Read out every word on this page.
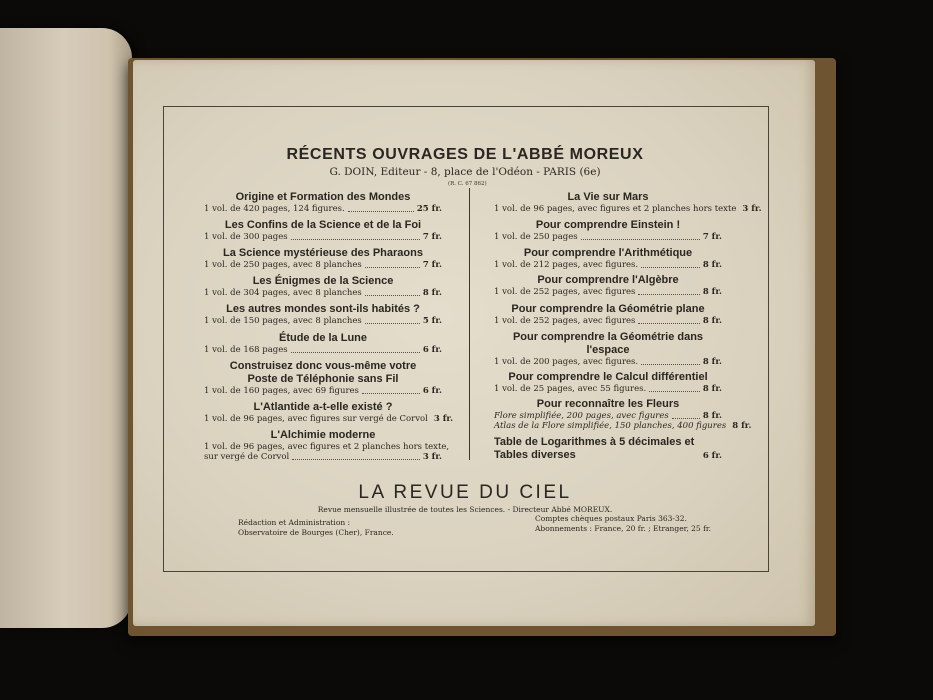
RÉCENTS OUVRAGES DE L'ABBÉ MOREUX
G. DOIN, Editeur - 8, place de l'Odéon - PARIS (6e)
(R. C. 67 862)
Origine et Formation des Mondes
1 vol. de 420 pages, 124 figures.	25 fr.
Les Confins de la Science et de la Foi
1 vol. de 300 pages	7 fr.
La Science mystérieuse des Pharaons
1 vol. de 250 pages, avec 8 planches	7 fr.
Les Énigmes de la Science
1 vol. de 304 pages, avec 8 planches	8 fr.
Les autres mondes sont-ils habités ?
1 vol. de 150 pages, avec 8 planches	5 fr.
Étude de la Lune
1 vol. de 168 pages	6 fr.
Construisez donc vous-même votre Poste de Téléphonie sans Fil
1 vol. de 160 pages, avec 69 figures	6 fr.
L'Atlantide a-t-elle existé ?
1 vol. de 96 pages, avec figures sur vergé de Corvol 3 fr.
L'Alchimie moderne
1 vol. de 96 pages, avec figures et 2 planches hors texte,
sur vergé de Corvol	3 fr.
La Vie sur Mars
1 vol. de 96 pages, avec figures et 2 planches hors texte 3 fr.
Pour comprendre Einstein !
1 vol. de 250 pages	7 fr.
Pour comprendre l'Arithmétique
1 vol. de 212 pages, avec figures.	8 fr.
Pour comprendre l'Algèbre
1 vol. de 252 pages, avec figures	8 fr.
Pour comprendre la Géométrie plane
1 vol. de 252 pages, avec figures	8 fr.
Pour comprendre la Géométrie dans l'espace
1 vol. de 200 pages, avec figures.	8 fr.
Pour comprendre le Calcul différentiel
1 vol. de 25 pages, avec 55 figures.	8 fr.
Pour reconnaître les Fleurs
Flore simplifiée, 200 pages, avec figures	8 fr.
Atlas de la Flore simplifiée, 150 planches, 400 figures 8 fr.
Table de Logarithmes à 5 décimales et Tables diverses	6 fr.
LA REVUE DU CIEL
Revue mensuelle illustrée de toutes les Sciences. - Directeur Abbé MOREUX.
Rédaction et Administration :
Observatoire de Bourges (Cher), France.
Comptes chèques postaux Paris 363-32.
Abonnements : France, 20 fr. ; Etranger, 25 fr.
